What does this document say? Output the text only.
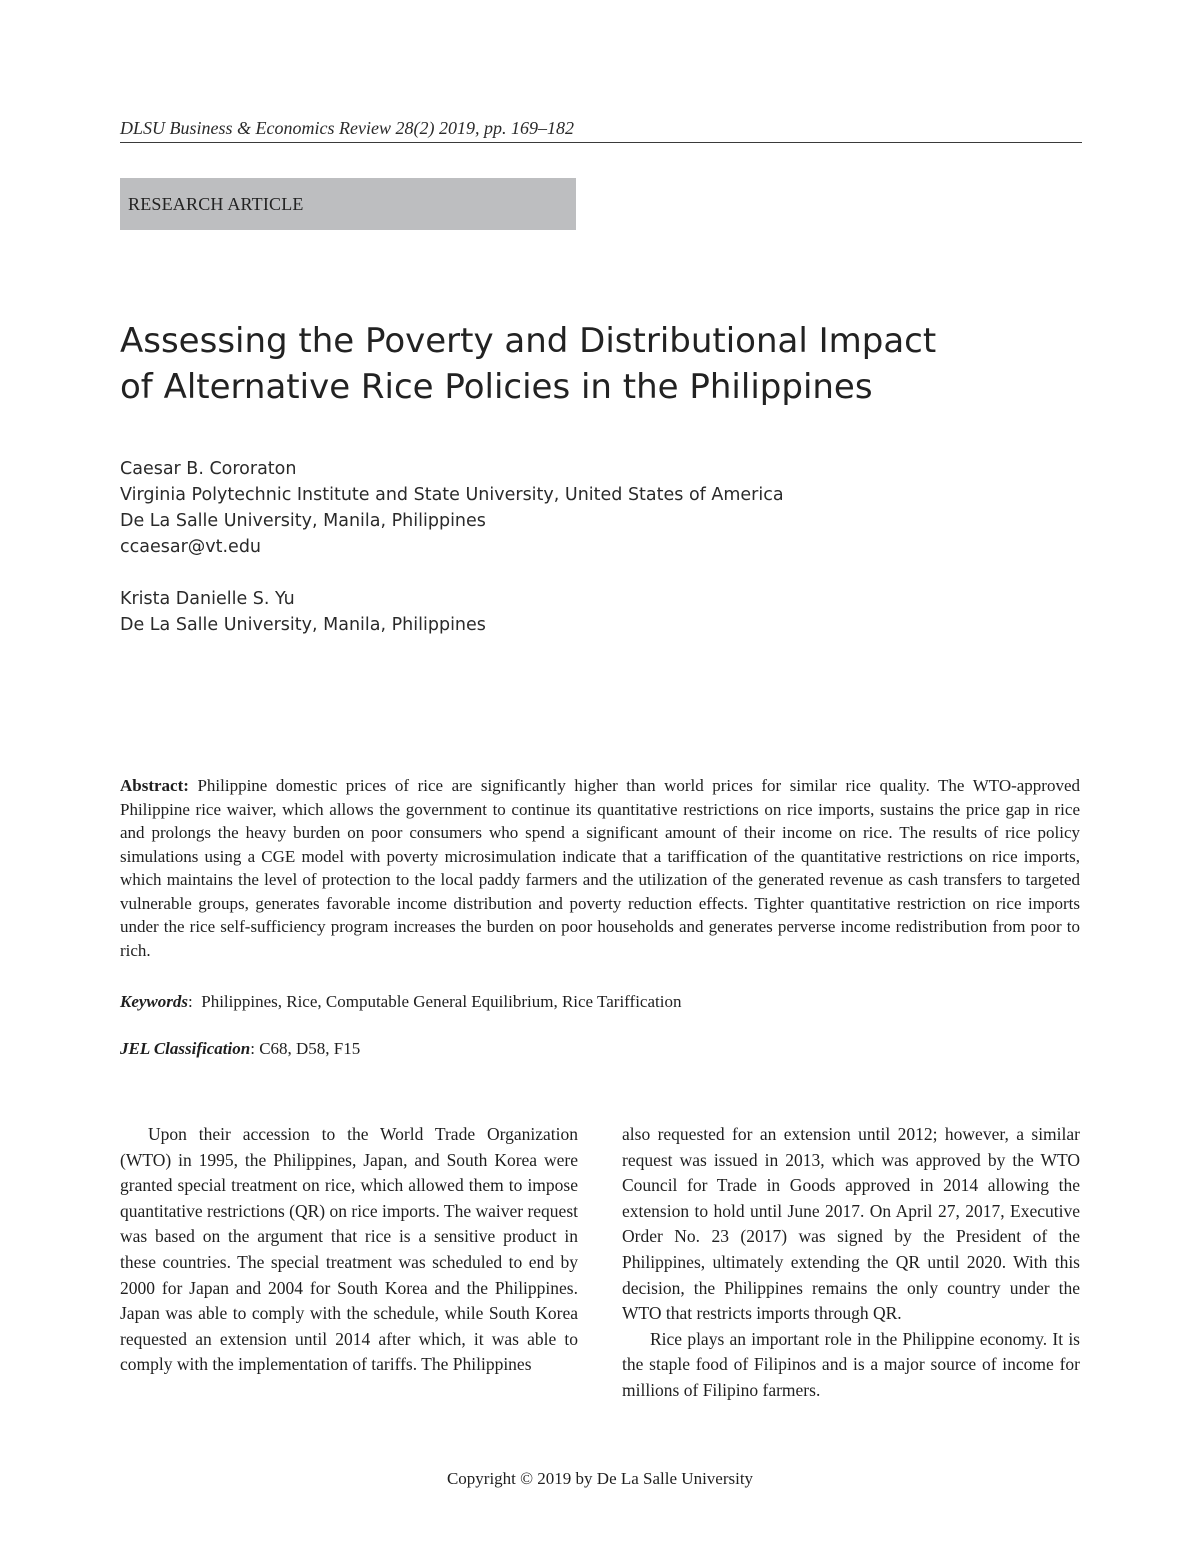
DLSU Business & Economics Review 28(2) 2019, pp. 169–182
RESEARCH ARTICLE
Assessing the Poverty and Distributional Impact
of Alternative Rice Policies in the Philippines
Caesar B. Cororaton
Virginia Polytechnic Institute and State University, United States of America
De La Salle University, Manila, Philippines
ccaesar@vt.edu
Krista Danielle S. Yu
De La Salle University, Manila, Philippines

Abstract: Philippine domestic prices of rice are significantly higher than world prices for similar rice quality. The WTO-approved Philippine rice waiver, which allows the government to continue its quantitative restrictions on rice imports, sustains the price gap in rice and prolongs the heavy burden on poor consumers who spend a significant amount of their income on rice. The results of rice policy simulations using a CGE model with poverty microsimulation indicate that a tariffication of the quantitative restrictions on rice imports, which maintains the level of protection to the local paddy farmers and the utilization of the generated revenue as cash transfers to targeted vulnerable groups, generates favorable income distribution and poverty reduction effects. Tighter quantitative restriction on rice imports under the rice self-sufficiency program increases the burden on poor households and generates perverse income redistribution from poor to rich.

Keywords: Philippines, Rice, Computable General Equilibrium, Rice Tariffication

JEL Classification: C68, D58, F15

Upon their accession to the World Trade Organization (WTO) in 1995, the Philippines, Japan, and South Korea were granted special treatment on rice, which allowed them to impose quantitative restrictions (QR) on rice imports. The waiver request was based on the argument that rice is a sensitive product in these countries. The special treatment was scheduled to end by 2000 for Japan and 2004 for South Korea and the Philippines. Japan was able to comply with the schedule, while South Korea requested an extension until 2014 after which, it was able to comply with the implementation of tariffs. The Philippines

also requested for an extension until 2012; however, a similar request was issued in 2013, which was approved by the WTO Council for Trade in Goods approved in 2014 allowing the extension to hold until June 2017. On April 27, 2017, Executive Order No. 23 (2017) was signed by the President of the Philippines, ultimately extending the QR until 2020. With this decision, the Philippines remains the only country under the WTO that restricts imports through QR.

Rice plays an important role in the Philippine economy. It is the staple food of Filipinos and is a major source of income for millions of Filipino farmers.

Copyright © 2019 by De La Salle University
